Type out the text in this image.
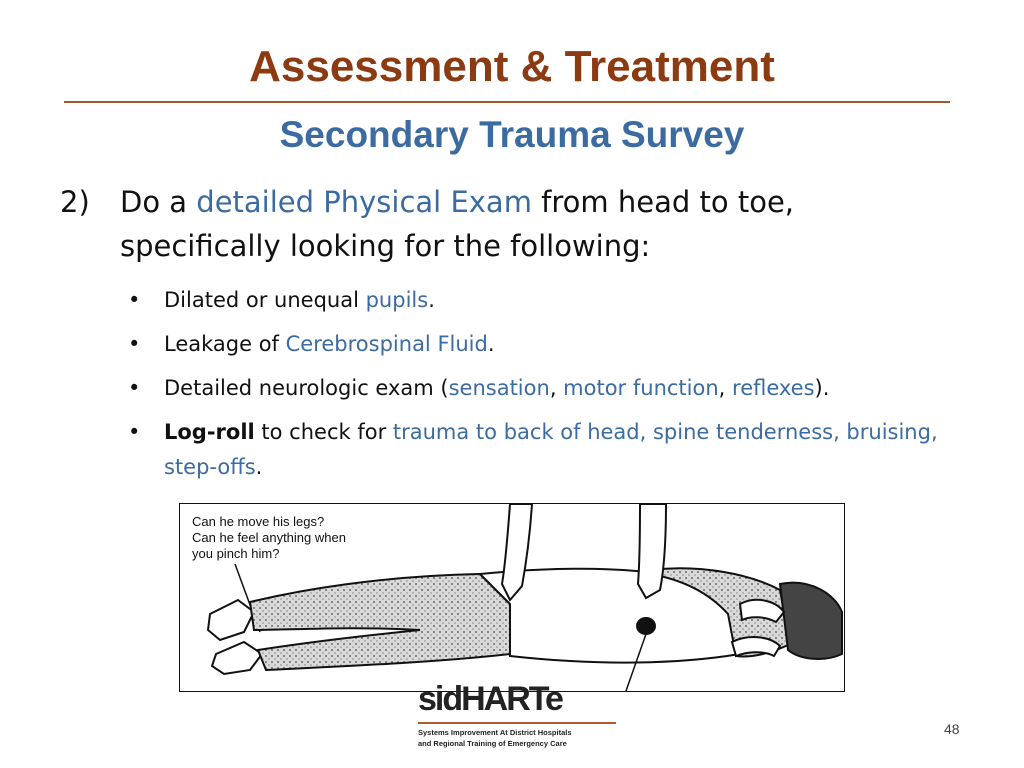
Assessment & Treatment
Secondary Trauma Survey
2) Do a detailed Physical Exam from head to toe, specifically looking for the following:
• Dilated or unequal pupils.
• Leakage of Cerebrospinal Fluid.
• Detailed neurologic exam (sensation, motor function, reflexes).
• Log-roll to check for trauma to back of head, spine tenderness, bruising, step-offs.
Can he move his legs?
Can he feel anything when
you pinch him?
sidHARTe
Systems Improvement At District Hospitals
and Regional Training of Emergency Care
48
